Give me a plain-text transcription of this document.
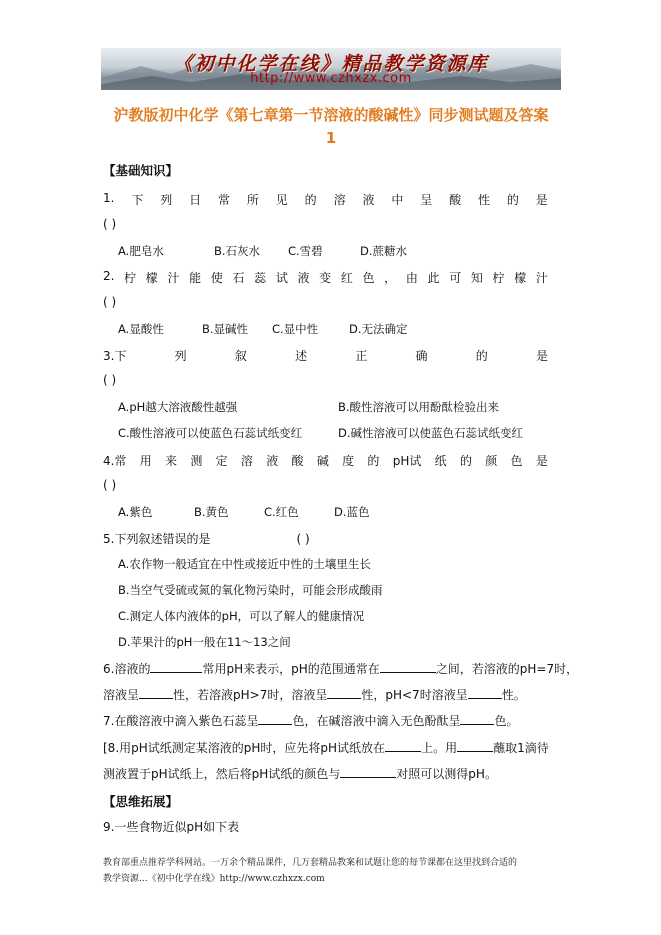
《初中化学在线》精品教学资源库
http://www.czhxzx.com
沪教版初中化学《第七章第一节溶液的酸碱性》同步测试题及答案
1
【基础知识】
1. 下 列 日 常 所 见 的 溶 液 中 呈 酸 性 的 是
( )
A.肥皂水	B.石灰水 C.雪碧	D.蔗糖水
2. 柠 檬 汁 能 使 石 蕊 试 液 变 红 色 ， 由 此 可 知 柠 檬 汁
( )
A.显酸性	B.显碱性 C.显中性	D.无法确定
3.下	列	叙	述	正	确	的	是
( )
A.pH越大溶液酸性越强	B.酸性溶液可以用酚酞检验出来
C.酸性溶液可以使蓝色石蕊试纸变红	D.碱性溶液可以使蓝色石蕊试纸变红
4.常 用 来 测 定 溶 液 酸 碱 度 的 pH试 纸 的 颜 色 是
( )
A.紫色	B.黄色	C.红色	D.蓝色
5.下列叙述错误的是	( )
A.农作物一般适宜在中性或接近中性的土壤里生长
B.当空气受硫或氮的氧化物污染时，可能会形成酸雨
C.测定人体内液体的pH，可以了解人的健康情况
D.苹果汁的pH一般在11～13之间
6.溶液的	常用pH来表示，pH的范围通常在	之间，若溶液的pH=7时，
溶液呈	性，若溶液pH>7时，溶液呈	性，pH<7时溶液呈	性。
7.在酸溶液中滴入紫色石蕊呈	色，在碱溶液中滴入无色酚酞呈	色。
[8.用pH试纸测定某溶液的pH时，应先将pH试纸放在	上。用	蘸取1滴待
测液置于pH试纸上，然后将pH试纸的颜色与	对照可以测得pH。
【思维拓展】
9.一些食物近似pH如下表
教育部重点推荐学科网站。一万余个精品课件，几万套精品教案和试题让您的每节课都在这里找到合适的
教学资源...《初中化学在线》http://www.czhxzx.com
